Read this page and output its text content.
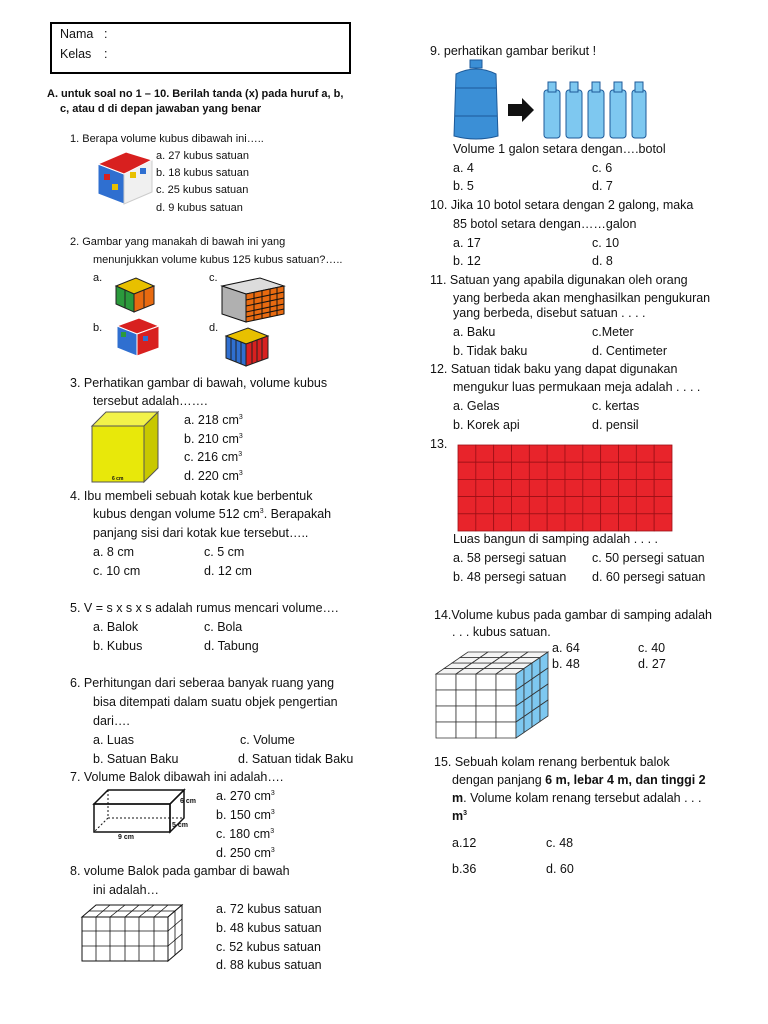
Nama :
Kelas :
A. untuk soal no 1 – 10. Berilah tanda (x) pada huruf a, b,
c, atau d di depan jawaban yang benar
1. Berapa volume kubus dibawah ini…..
a. 27 kubus satuan
b. 18 kubus satuan
c. 25 kubus satuan
d. 9 kubus satuan
2. Gambar yang manakah di bawah ini yang
menunjukkan volume kubus 125 kubus satuan?…..
a.	c.
b.	d.
3. Perhatikan gambar di bawah, volume kubus
tersebut adalah…….
6 cm
a. 218 $cm^3$
b. 210 $cm^3$
c. 216 $cm^3$
d. 220 $cm^3$
4. Ibu membeli sebuah kotak kue berbentuk
kubus dengan volume 512 $cm^3$. Berapakah
panjang sisi dari kotak kue tersebut…..
a. 8 cm	c. 5 cm
c. 10 cm	d. 12 cm
5. V = s x s x s adalah rumus mencari volume….
a. Balok	c. Bola
b. Kubus	d. Tabung
6. Perhitungan dari seberaa banyak ruang yang
bisa ditempati dalam suatu objek pengertian
dari….
a. Luas	c. Volume
b. Satuan Baku	d. Satuan tidak Baku
7. Volume Balok dibawah ini adalah….
6 cm
5 cm
9 cm
a. 270 $cm^3$
b. 150 $cm^3$
c. 180 $cm^3$
d. 250 $cm^3$
8. volume Balok pada gambar di bawah
ini adalah…
a. 72 kubus satuan
b. 48 kubus satuan
c. 52 kubus satuan
d. 88 kubus satuan
9. perhatikan gambar berikut !
Volume 1 galon setara dengan….botol
a. 4	c. 6
b. 5	d. 7
10. Jika 10 botol setara dengan 2 galong, maka
85 botol setara dengan……galon
a. 17	c. 10
b. 12	d. 8
11. Satuan yang apabila digunakan oleh orang
yang berbeda akan menghasilkan pengukuran
yang berbeda, disebut satuan . . . .
a. Baku	c.Meter
b. Tidak baku	d. Centimeter
12. Satuan tidak baku yang dapat digunakan
mengukur luas permukaan meja adalah . . . .
a. Gelas	c. kertas
b. Korek api	d. pensil
13.
Luas bangun di samping adalah . . . .
a. 58 persegi satuan c. 50 persegi satuan
b. 48 persegi satuan d. 60 persegi satuan
14.Volume kubus pada gambar di samping adalah
. . . kubus satuan.
a. 64	c. 40
b. 48	d. 27
15. Sebuah kolam renang berbentuk balok
dengan panjang 6 m, lebar 4 m, dan tinggi 2
m. Volume kolam renang tersebut adalah . . .
$m^3$
a.12	c. 48
b.36	d. 60
